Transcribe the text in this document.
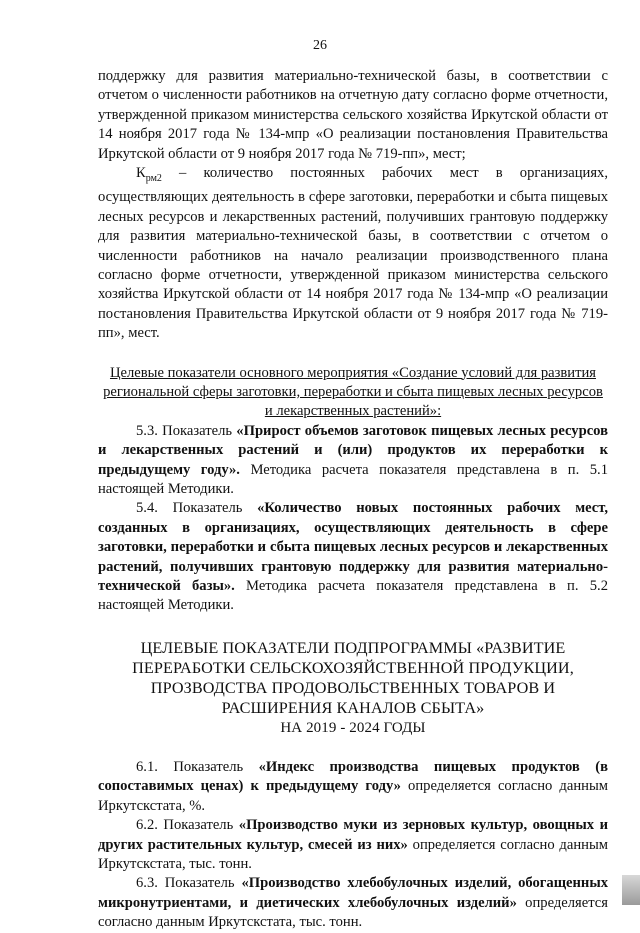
26

поддержку для развития материально-технической базы, в соответствии с отчетом о численности работников на отчетную дату согласно форме отчетности, утвержденной приказом министерства сельского хозяйства Иркутской области от 14 ноября 2017 года № 134-мпр «О реализации постановления Правительства Иркутской области от 9 ноября 2017 года № 719-пп», мест;

$К_{рм2}$ – количество постоянных рабочих мест в организациях, осуществляющих деятельность в сфере заготовки, переработки и сбыта пищевых лесных ресурсов и лекарственных растений, получивших грантовую поддержку для развития материально-технической базы, в соответствии с отчетом о численности работников на начало реализации производственного плана согласно форме отчетности, утвержденной приказом министерства сельского хозяйства Иркутской области от 14 ноября 2017 года № 134-мпр «О реализации постановления Правительства Иркутской области от 9 ноября 2017 года № 719-пп», мест.

Целевые показатели основного мероприятия «Создание условий для развития региональной сферы заготовки, переработки и сбыта пищевых лесных ресурсов и лекарственных растений»:

5.3. Показатель «Прирост объемов заготовок пищевых лесных ресурсов и лекарственных растений и (или) продуктов их переработки к предыдущему году». Методика расчета показателя представлена в п. 5.1 настоящей Методики.

5.4. Показатель «Количество новых постоянных рабочих мест, созданных в организациях, осуществляющих деятельность в сфере заготовки, переработки и сбыта пищевых лесных ресурсов и лекарственных растений, получивших грантовую поддержку для развития материально-технической базы». Методика расчета показателя представлена в п. 5.2 настоящей Методики.

ЦЕЛЕВЫЕ ПОКАЗАТЕЛИ ПОДПРОГРАММЫ «РАЗВИТИЕ ПЕРЕРАБОТКИ СЕЛЬСКОХОЗЯЙСТВЕННОЙ ПРОДУКЦИИ, ПРОЗВОДСТВА ПРОДОВОЛЬСТВЕННЫХ ТОВАРОВ И РАСШИРЕНИЯ КАНАЛОВ СБЫТА»
НА 2019 - 2024 ГОДЫ

6.1. Показатель «Индекс производства пищевых продуктов (в сопоставимых ценах) к предыдущему году» определяется согласно данным Иркутскстата, %.

6.2. Показатель «Производство муки из зерновых культур, овощных и других растительных культур, смесей из них» определяется согласно данным Иркутскстата, тыс. тонн.

6.3. Показатель «Производство хлебобулочных изделий, обогащенных микронутриентами, и диетических хлебобулочных изделий» определяется согласно данным Иркутскстата, тыс. тонн.
